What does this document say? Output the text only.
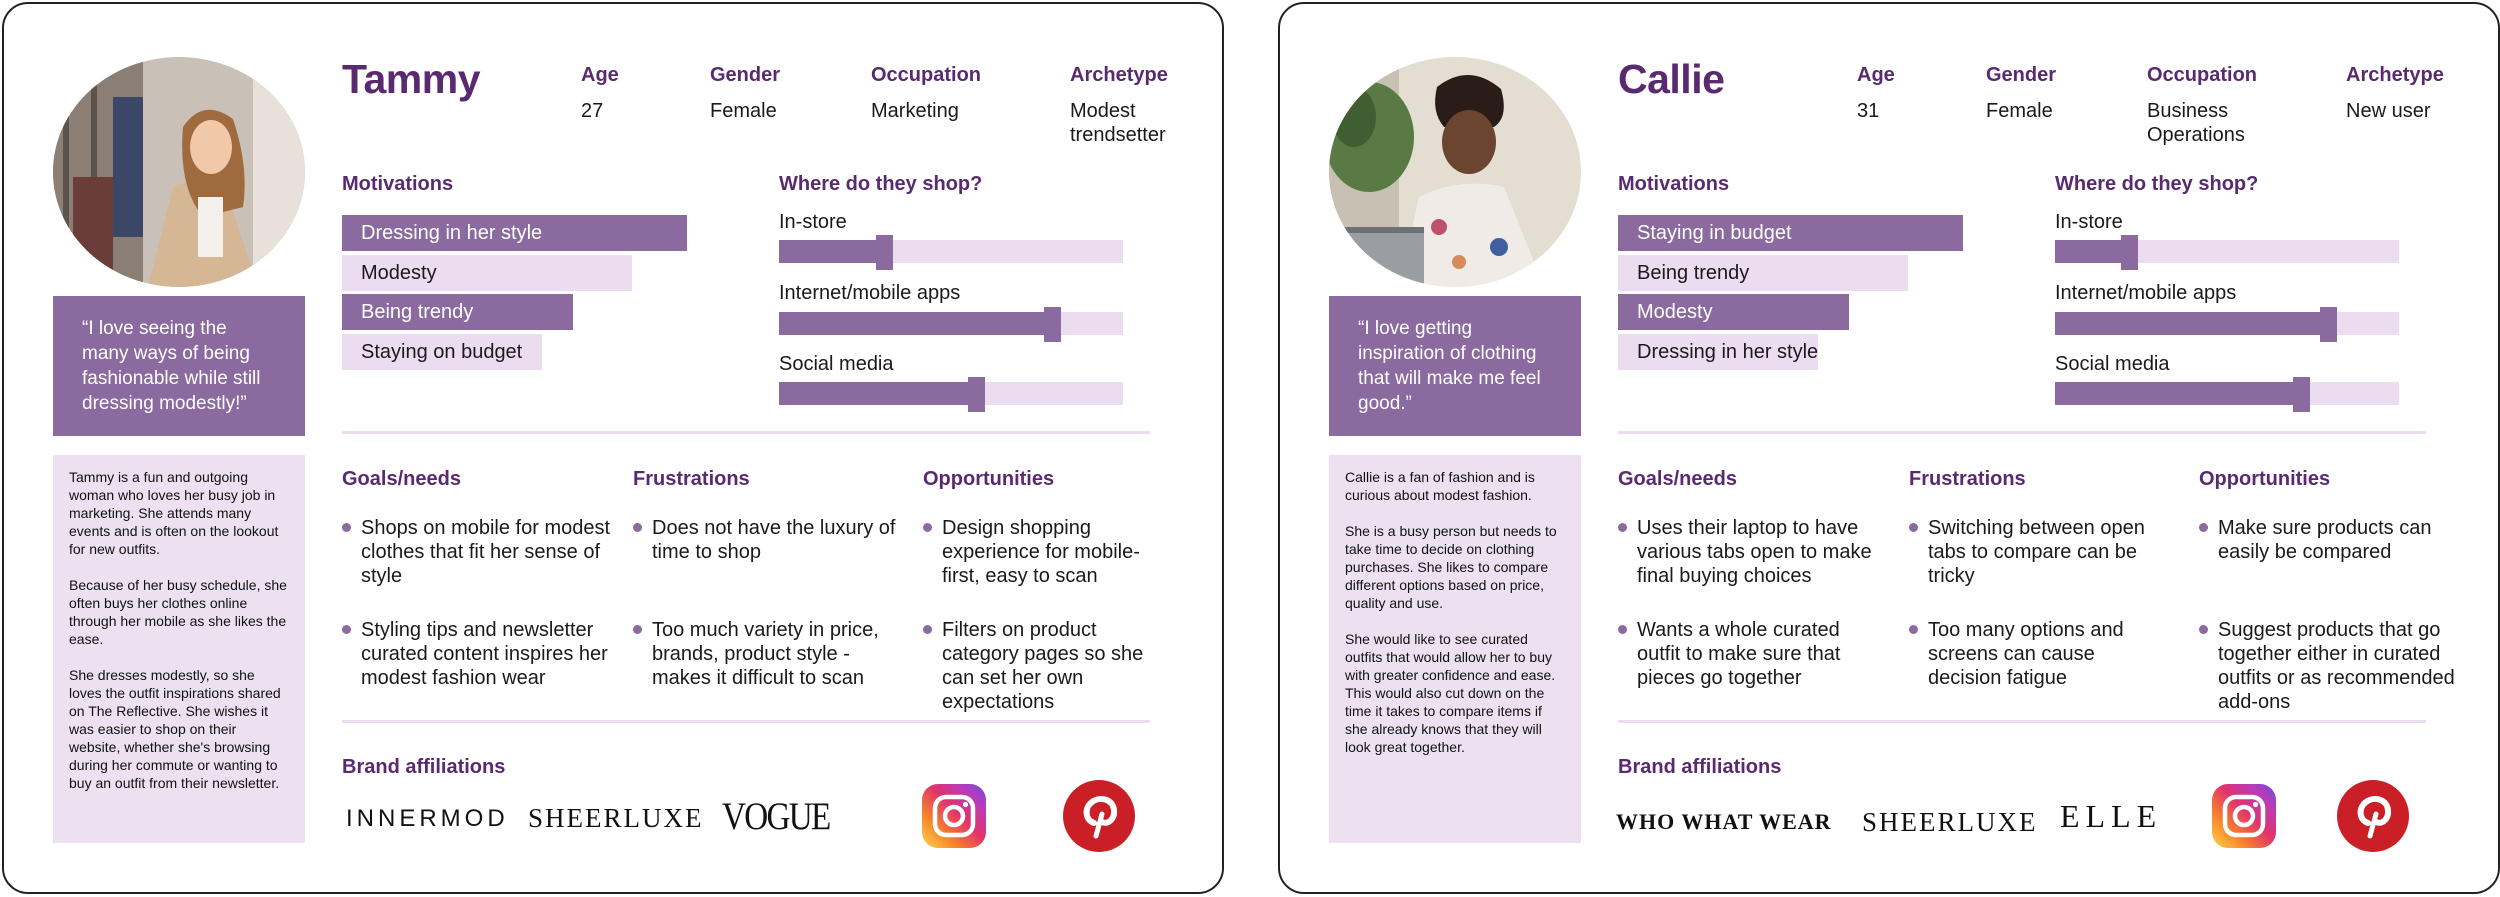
“I love seeing the many ways of being fashionable while still dressing modestly!”

Tammy is a fun and outgoing woman who loves her busy job in marketing. She attends many events and is often on the lookout for new outfits.

Because of her busy schedule, she often buys her clothes online through her mobile as she likes the ease.

She dresses modestly, so she loves the outfit inspirations shared on The Reflective. She wishes it was easier to shop on their website, whether she's browsing during her commute or wanting to buy an outfit from their newsletter.

Tammy	Age
27
Gender
Female
Occupation
Marketing
Archetype
Modest trendsetter
Motivations
Dressing in her style
Modesty
Being trendy
Staying on budget
Where do they shop?
In-store
Internet/mobile apps
Social media
Goals/needs
Shops on mobile for modest clothes that fit her sense of style
Styling tips and newsletter curated content inspires her modest fashion wear
Frustrations
Does not have the luxury of time to shop
Too much variety in price, brands, product style - makes it difficult to scan
Opportunities
Design shopping experience for mobile-first, easy to scan
Filters on product category pages so she can set her own expectations
Brand affiliations
INNERMOD SHEERLUXE VOGUE
“I love getting inspiration of clothing that will make me feel good.”

Callie is a fan of fashion and is curious about modest fashion.

She is a busy person but needs to take time to decide on clothing purchases. She likes to compare different options based on price, quality and use.

She would like to see curated outfits that would allow her to buy with greater confidence and ease. This would also cut down on the time it takes to compare items if she already knows that they will look great together.

Callie	Age
31
Gender
Female
Occupation
Business Operations
Archetype
New user
Motivations
Staying in budget
Being trendy
Modesty
Dressing in her style
Where do they shop?
In-store
Internet/mobile apps
Social media
Goals/needs
Uses their laptop to have various tabs open to make final buying choices
Wants a whole curated outfit to make sure that pieces go together
Frustrations
Switching between open tabs to compare can be tricky
Too many options and screens can cause decision fatigue
Opportunities
Make sure products can easily be compared
Suggest products that go together either in curated outfits or as recommended add-ons
Brand affiliations
WHO WHAT WEAR SHEERLUXE ELLE
